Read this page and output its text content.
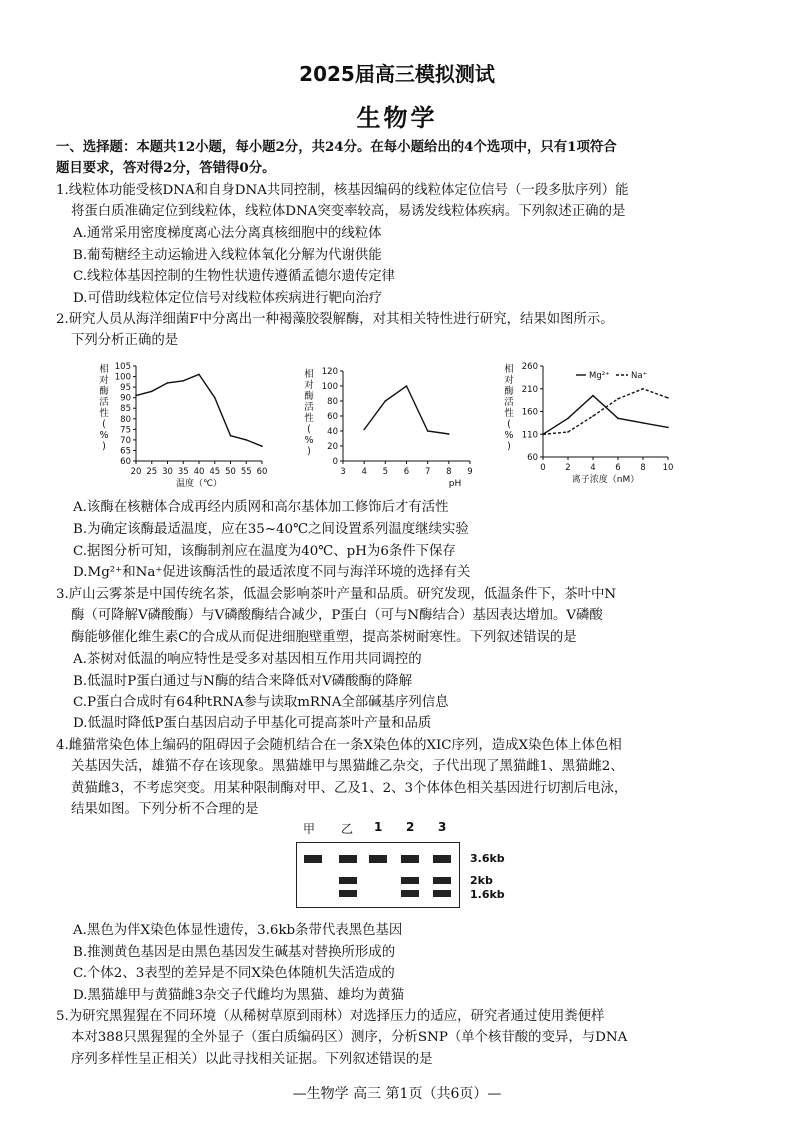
2025届高三模拟测试
生物学
一、选择题：本题共12小题，每小题2分，共24分。在每小题给出的4个选项中，只有1项符合
题目要求，答对得2分，答错得0分。
1.线粒体功能受核DNA和自身DNA共同控制，核基因编码的线粒体定位信号（一段多肽序列）能
将蛋白质准确定位到线粒体，线粒体DNA突变率较高，易诱发线粒体疾病。下列叙述正确的是
A.通常采用密度梯度离心法分离真核细胞中的线粒体
B.葡萄糖经主动运输进入线粒体氧化分解为代谢供能
C.线粒体基因控制的生物性状遗传遵循孟德尔遗传定律
D.可借助线粒体定位信号对线粒体疾病进行靶向治疗
2.研究人员从海洋细菌F中分离出一种褐藻胶裂解酶，对其相关特性进行研究，结果如图所示。
下列分析正确的是
60
65
70
75
80
85
90
95
100
105
20 25 30 35 40 45 50 55 60
相
对
酶
活
性
(
%
)
温度（℃）
0
20
40
60
80
100
120
3 4 5 6 7 8 9
相
对
酶
活
性
(
%
)
pH
60
110
160
210
260
0 2 4 6 8 10
相
对
酶
活
性
(
%
)
离子浓度（nM）
Mg²⁺	Na⁺
A.该酶在核糖体合成再经内质网和高尔基体加工修饰后才有活性
B.为确定该酶最适温度，应在35~40℃之间设置系列温度继续实验
C.据图分析可知，该酶制剂应在温度为40℃、pH为6条件下保存
D.Mg²⁺和Na⁺促进该酶活性的最适浓度不同与海洋环境的选择有关
3.庐山云雾茶是中国传统名茶，低温会影响茶叶产量和品质。研究发现，低温条件下，茶叶中N
酶（可降解V磷酸酶）与V磷酸酶结合减少，P蛋白（可与N酶结合）基因表达增加。V磷酸
酶能够催化维生素C的合成从而促进细胞壁重塑，提高茶树耐寒性。下列叙述错误的是
A.茶树对低温的响应特性是受多对基因相互作用共同调控的
B.低温时P蛋白通过与N酶的结合来降低对V磷酸酶的降解
C.P蛋白合成时有64种tRNA参与读取mRNA全部碱基序列信息
D.低温时降低P蛋白基因启动子甲基化可提高茶叶产量和品质
4.雌猫常染色体上编码的阻碍因子会随机结合在一条X染色体的XIC序列，造成X染色体上体色相
关基因失活，雄猫不存在该现象。黑猫雄甲与黑猫雌乙杂交，子代出现了黑猫雌1、黑猫雌2、
黄猫雌3，不考虑突变。用某种限制酶对甲、乙及1、2、3个体体色相关基因进行切割后电泳，
结果如图。下列分析不合理的是
甲 乙 1 2 3
3.6kb
2kb
1.6kb
A.黑色为伴X染色体显性遗传，3.6kb条带代表黑色基因
B.推测黄色基因是由黑色基因发生碱基对替换所形成的
C.个体2、3表型的差异是不同X染色体随机失活造成的
D.黑猫雄甲与黄猫雌3杂交子代雌均为黑猫、雄均为黄猫
5.为研究黑猩猩在不同环境（从稀树草原到雨林）对选择压力的适应，研究者通过使用粪便样
本对388只黑猩猩的全外显子（蛋白质编码区）测序，分析SNP（单个核苷酸的变异，与DNA
序列多样性呈正相关）以此寻找相关证据。下列叙述错误的是
—生物学 高三 第1页（共6页）—
